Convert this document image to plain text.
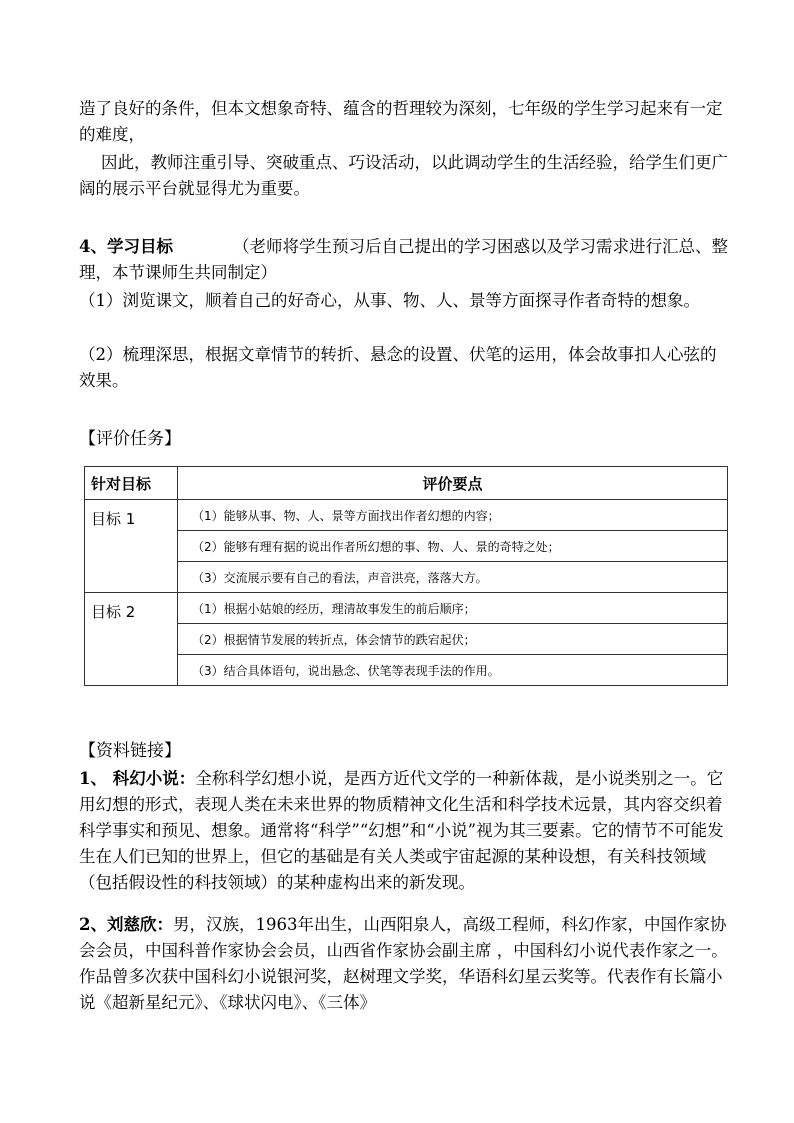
造了良好的条件，但本文想象奇特、蕴含的哲理较为深刻，七年级的学生学习起来有一定的难度，

因此，教师注重引导、突破重点、巧设活动，以此调动学生的生活经验，给学生们更广阔的展示平台就显得尤为重要。

4、学习目标	（老师将学生预习后自己提出的学习困惑以及学习需求进行汇总、整理，本节课师生共同制定）

（1）浏览课文，顺着自己的好奇心，从事、物、人、景等方面探寻作者奇特的想象。

（2）梳理深思，根据文章情节的转折、悬念的设置、伏笔的运用，体会故事扣人心弦的效果。

【评价任务】

针对目标	评价要点
目标 1	（1）能够从事、物、人、景等方面找出作者幻想的内容；
	（2）能够有理有据的说出作者所幻想的事、物、人、景的奇特之处；
	（3）交流展示要有自己的看法，声音洪亮，落落大方。
目标 2	（1）根据小姑娘的经历，理清故事发生的前后顺序；
	（2）根据情节发展的转折点，体会情节的跌宕起伏；
	（3）结合具体语句，说出悬念、伏笔等表现手法的作用。

【资料链接】

1、 科幻小说：全称科学幻想小说，是西方近代文学的一种新体裁，是小说类别之一。它用幻想的形式，表现人类在未来世界的物质精神文化生活和科学技术远景，其内容交织着科学事实和预见、想象。通常将“科学”“幻想”和“小说”视为其三要素。它的情节不可能发生在人们已知的世界上，但它的基础是有关人类或宇宙起源的某种设想，有关科技领域（包括假设性的科技领域）的某种虚构出来的新发现。

2、刘慈欣：男，汉族，1963年出生，山西阳泉人，高级工程师，科幻作家，中国作家协会会员，中国科普作家协会会员，山西省作家协会副主席 ，中国科幻小说代表作家之一。作品曾多次获中国科幻小说银河奖，赵树理文学奖，华语科幻星云奖等。代表作有长篇小说《超新星纪元》、《球状闪电》、《三体》
